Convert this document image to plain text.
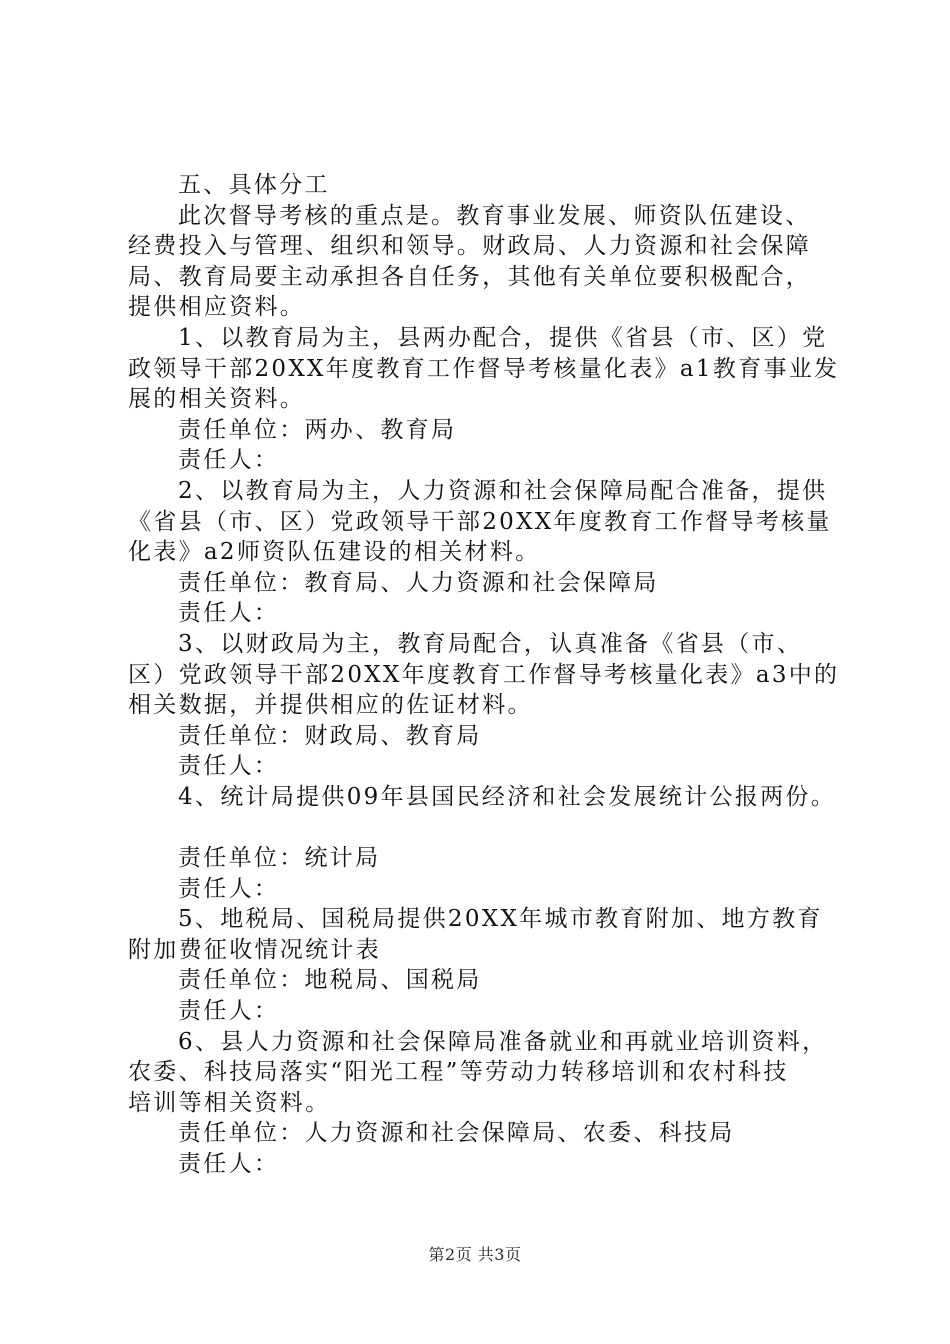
五、具体分工
此次督导考核的重点是。教育事业发展、师资队伍建设、
经费投入与管理、组织和领导。财政局、人力资源和社会保障
局、教育局要主动承担各自任务，其他有关单位要积极配合，
提供相应资料。
1、以教育局为主，县两办配合，提供《省县（市、区）党
政领导干部20XX年度教育工作督导考核量化表》a1教育事业发
展的相关资料。
责任单位：两办、教育局
责任人：
2、以教育局为主，人力资源和社会保障局配合准备，提供
《省县（市、区）党政领导干部20XX年度教育工作督导考核量
化表》a2师资队伍建设的相关材料。
责任单位：教育局、人力资源和社会保障局
责任人：
3、以财政局为主，教育局配合，认真准备《省县（市、
区）党政领导干部20XX年度教育工作督导考核量化表》a3中的
相关数据，并提供相应的佐证材料。
责任单位：财政局、教育局
责任人：
4、统计局提供09年县国民经济和社会发展统计公报两份。
责任单位：统计局
责任人：
5、地税局、国税局提供20XX年城市教育附加、地方教育
附加费征收情况统计表
责任单位：地税局、国税局
责任人：
6、县人力资源和社会保障局准备就业和再就业培训资料，
农委、科技局落实“阳光工程”等劳动力转移培训和农村科技
培训等相关资料。
责任单位：人力资源和社会保障局、农委、科技局
责任人：
第2页 共3页
